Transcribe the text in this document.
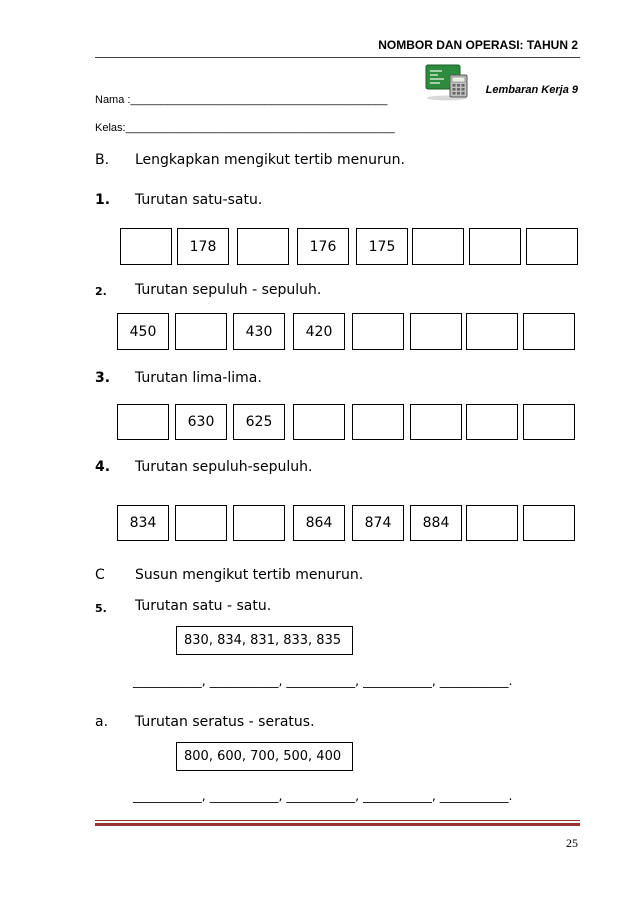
NOMBOR DAN OPERASI: TAHUN 2
Lembaran Kerja 9
Nama :__________________________________________
Kelas:____________________________________________
B. Lengkapkan mengikut tertib menurun.
1. Turutan satu-satu.
178	176	175
2. Turutan sepuluh - sepuluh.
450	430	420
3. Turutan lima-lima.
630	625
4. Turutan sepuluh-sepuluh.
834	864	874	884
C Susun mengikut tertib menurun.
5. Turutan satu - satu.
830, 834, 831, 833, 835
___________, ___________, ___________, ___________, ___________.
a. Turutan seratus - seratus.
800, 600, 700, 500, 400
___________, ___________, ___________, ___________, ___________.
25
